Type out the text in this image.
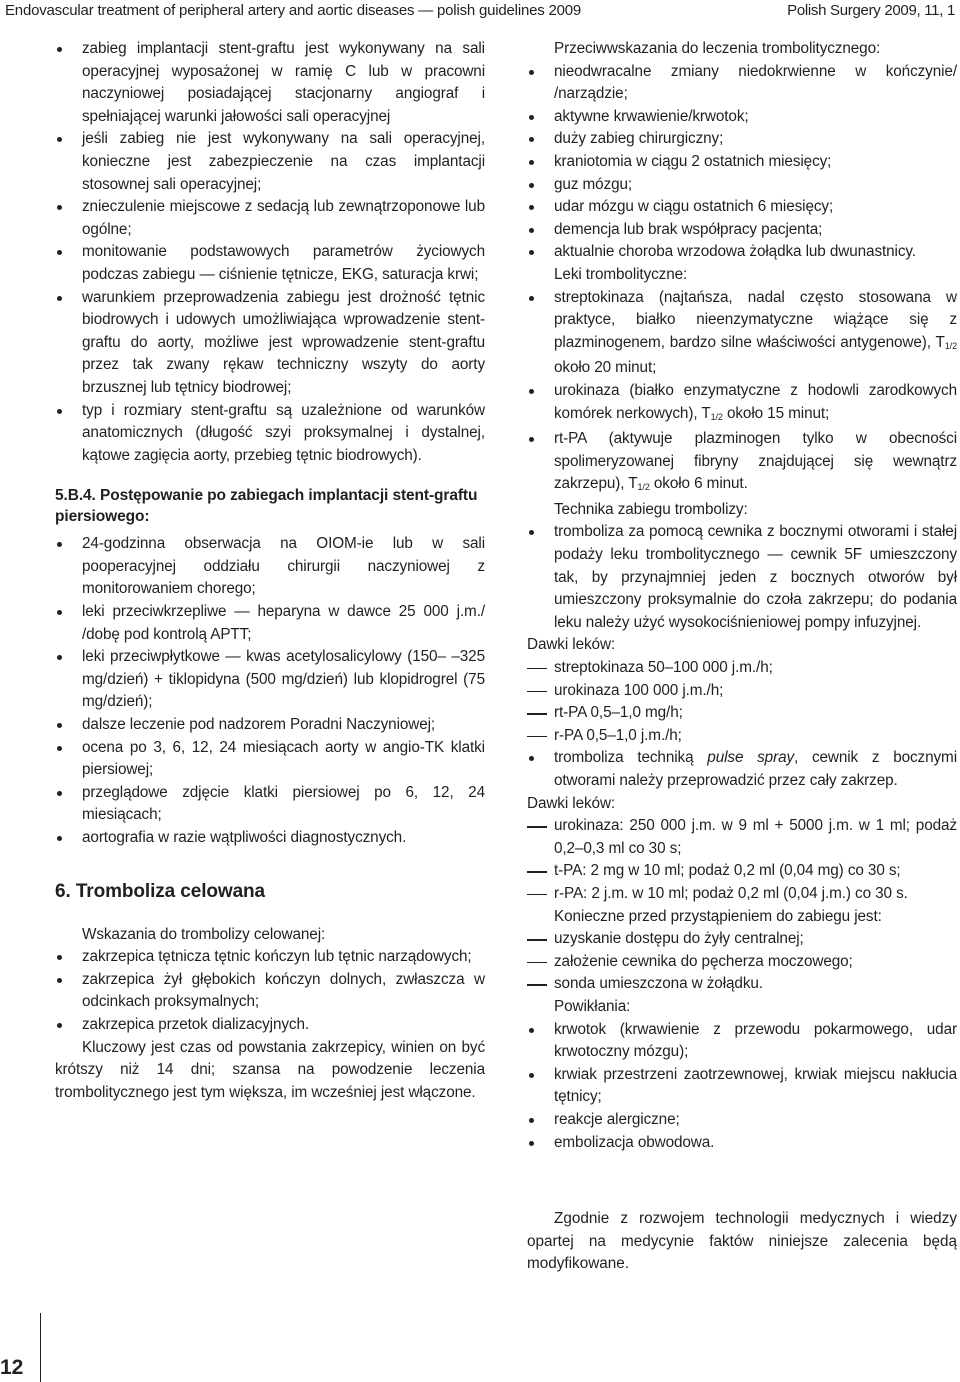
Endovascular treatment of peripheral artery and aortic diseases — polish guidelines 2009	Polish Surgery 2009, 11, 1
zabieg implantacji stent-graftu jest wykonywany na sali operacyjnej wyposażonej w ramię C lub w pracowni naczyniowej posiadającej stacjonarny angiograf i spełniającej warunki jałowości sali operacyjnej
jeśli zabieg nie jest wykonywany na sali operacyjnej, konieczne jest zabezpieczenie na czas implantacji stosownej sali operacyjnej;
znieczulenie miejscowe z sedacją lub zewnątrzoponowe lub ogólne;
monitowanie podstawowych parametrów życiowych podczas zabiegu — ciśnienie tętnicze, EKG, saturacja krwi;
warunkiem przeprowadzenia zabiegu jest drożność tętnic biodrowych i udowych umożliwiająca wprowadzenie stent-graftu do aorty, możliwe jest wprowadzenie stent-graftu przez tak zwany rękaw techniczny wszyty do aorty brzusznej lub tętnicy biodrowej;
typ i rozmiary stent-graftu są uzależnione od warunków anatomicznych (długość szyi proksymalnej i dystalnej, kątowe zagięcia aorty, przebieg tętnic biodrowych).

5.B.4. Postępowanie po zabiegach implantacji stent-graftu piersiowego:

24-godzinna obserwacja na OIOM-ie lub w sali pooperacyjnej oddziału chirurgii naczyniowej z monitorowaniem chorego;
leki przeciwkrzepliwe — heparyna w dawce 25 000 j.m./ /dobę pod kontrolą APTT;
leki przeciwpłytkowe — kwas acetylosalicylowy (150– –325 mg/dzień) + tiklopidyna (500 mg/dzień) lub klopidrogrel (75 mg/dzień);
dalsze leczenie pod nadzorem Poradni Naczyniowej;
ocena po 3, 6, 12, 24 miesiącach aorty w angio-TK klatki piersiowej;
przeglądowe zdjęcie klatki piersiowej po 6, 12, 24 miesiącach;
aortografia w razie wątpliwości diagnostycznych.

6. Tromboliza celowana

Wskazania do trombolizy celowanej:

zakrzepica tętnicza tętnic kończyn lub tętnic narządowych;
zakrzepica żył głębokich kończyn dolnych, zwłaszcza w odcinkach proksymalnych;
zakrzepica przetok dializacyjnych.

Kluczowy jest czas od powstania zakrzepicy, winien on być krótszy niż 14 dni; szansa na powodzenie leczenia trombolitycznego jest tym większa, im wcześniej jest włączone.

Przeciwwskazania do leczenia trombolitycznego:

nieodwracalne zmiany niedokrwienne w kończynie/ /narządzie;
aktywne krwawienie/krwotok;
duży zabieg chirurgiczny;
kraniotomia w ciągu 2 ostatnich miesięcy;
guz mózgu;
udar mózgu w ciągu ostatnich 6 miesięcy;
demencja lub brak współpracy pacjenta;
aktualnie choroba wrzodowa żołądka lub dwunastnicy.

Leki trombolityczne:

streptokinaza (najtańsza, nadal często stosowana w praktyce, białko nieenzymatyczne wiążące się z plazminogenem, bardzo silne właściwości antygenowe), $T_{1/2}$ około 20 minut;
urokinaza (białko enzymatyczne z hodowli zarodkowych komórek nerkowych), $T_{1/2}$ około 15 minut;
rt-PA (aktywuje plazminogen tylko w obecności spolimeryzowanej fibryny znajdującej się wewnątrz zakrzepu), $T_{1/2}$ około 6 minut.

Technika zabiegu trombolizy:

tromboliza za pomocą cewnika z bocznymi otworami i stałej podaży leku trombolitycznego — cewnik 5F umieszczony tak, by przynajmniej jeden z bocznych otworów był umieszczony proksymalnie do czoła zakrzepu; do podania leku należy użyć wysokociśnieniowej pompy infuzyjnej.

Dawki leków:

streptokinaza 50–100 000 j.m./h;
urokinaza 100 000 j.m./h;
rt-PA 0,5–1,0 mg/h;
r-PA 0,5–1,0 j.m./h;
tromboliza techniką pulse spray, cewnik z bocznymi otworami należy przeprowadzić przez cały zakrzep.

Dawki leków:

urokinaza: 250 000 j.m. w 9 ml + 5000 j.m. w 1 ml; podaż 0,2–0,3 ml co 30 s;
t-PA: 2 mg w 10 ml; podaż 0,2 ml (0,04 mg) co 30 s;
r-PA: 2 j.m. w 10 ml; podaż 0,2 ml (0,04 j.m.) co 30 s.

Konieczne przed przystąpieniem do zabiegu jest:

uzyskanie dostępu do żyły centralnej;
założenie cewnika do pęcherza moczowego;
sonda umieszczona w żołądku.

Powikłania:

krwotok (krwawienie z przewodu pokarmowego, udar krwotoczny mózgu);
krwiak przestrzeni zaotrzewnowej, krwiak miejscu nakłucia tętnicy;
reakcje alergiczne;
embolizacja obwodowa.

Zgodnie z rozwojem technologii medycznych i wiedzy opartej na medycynie faktów niniejsze zalecenia będą modyfikowane.

12
